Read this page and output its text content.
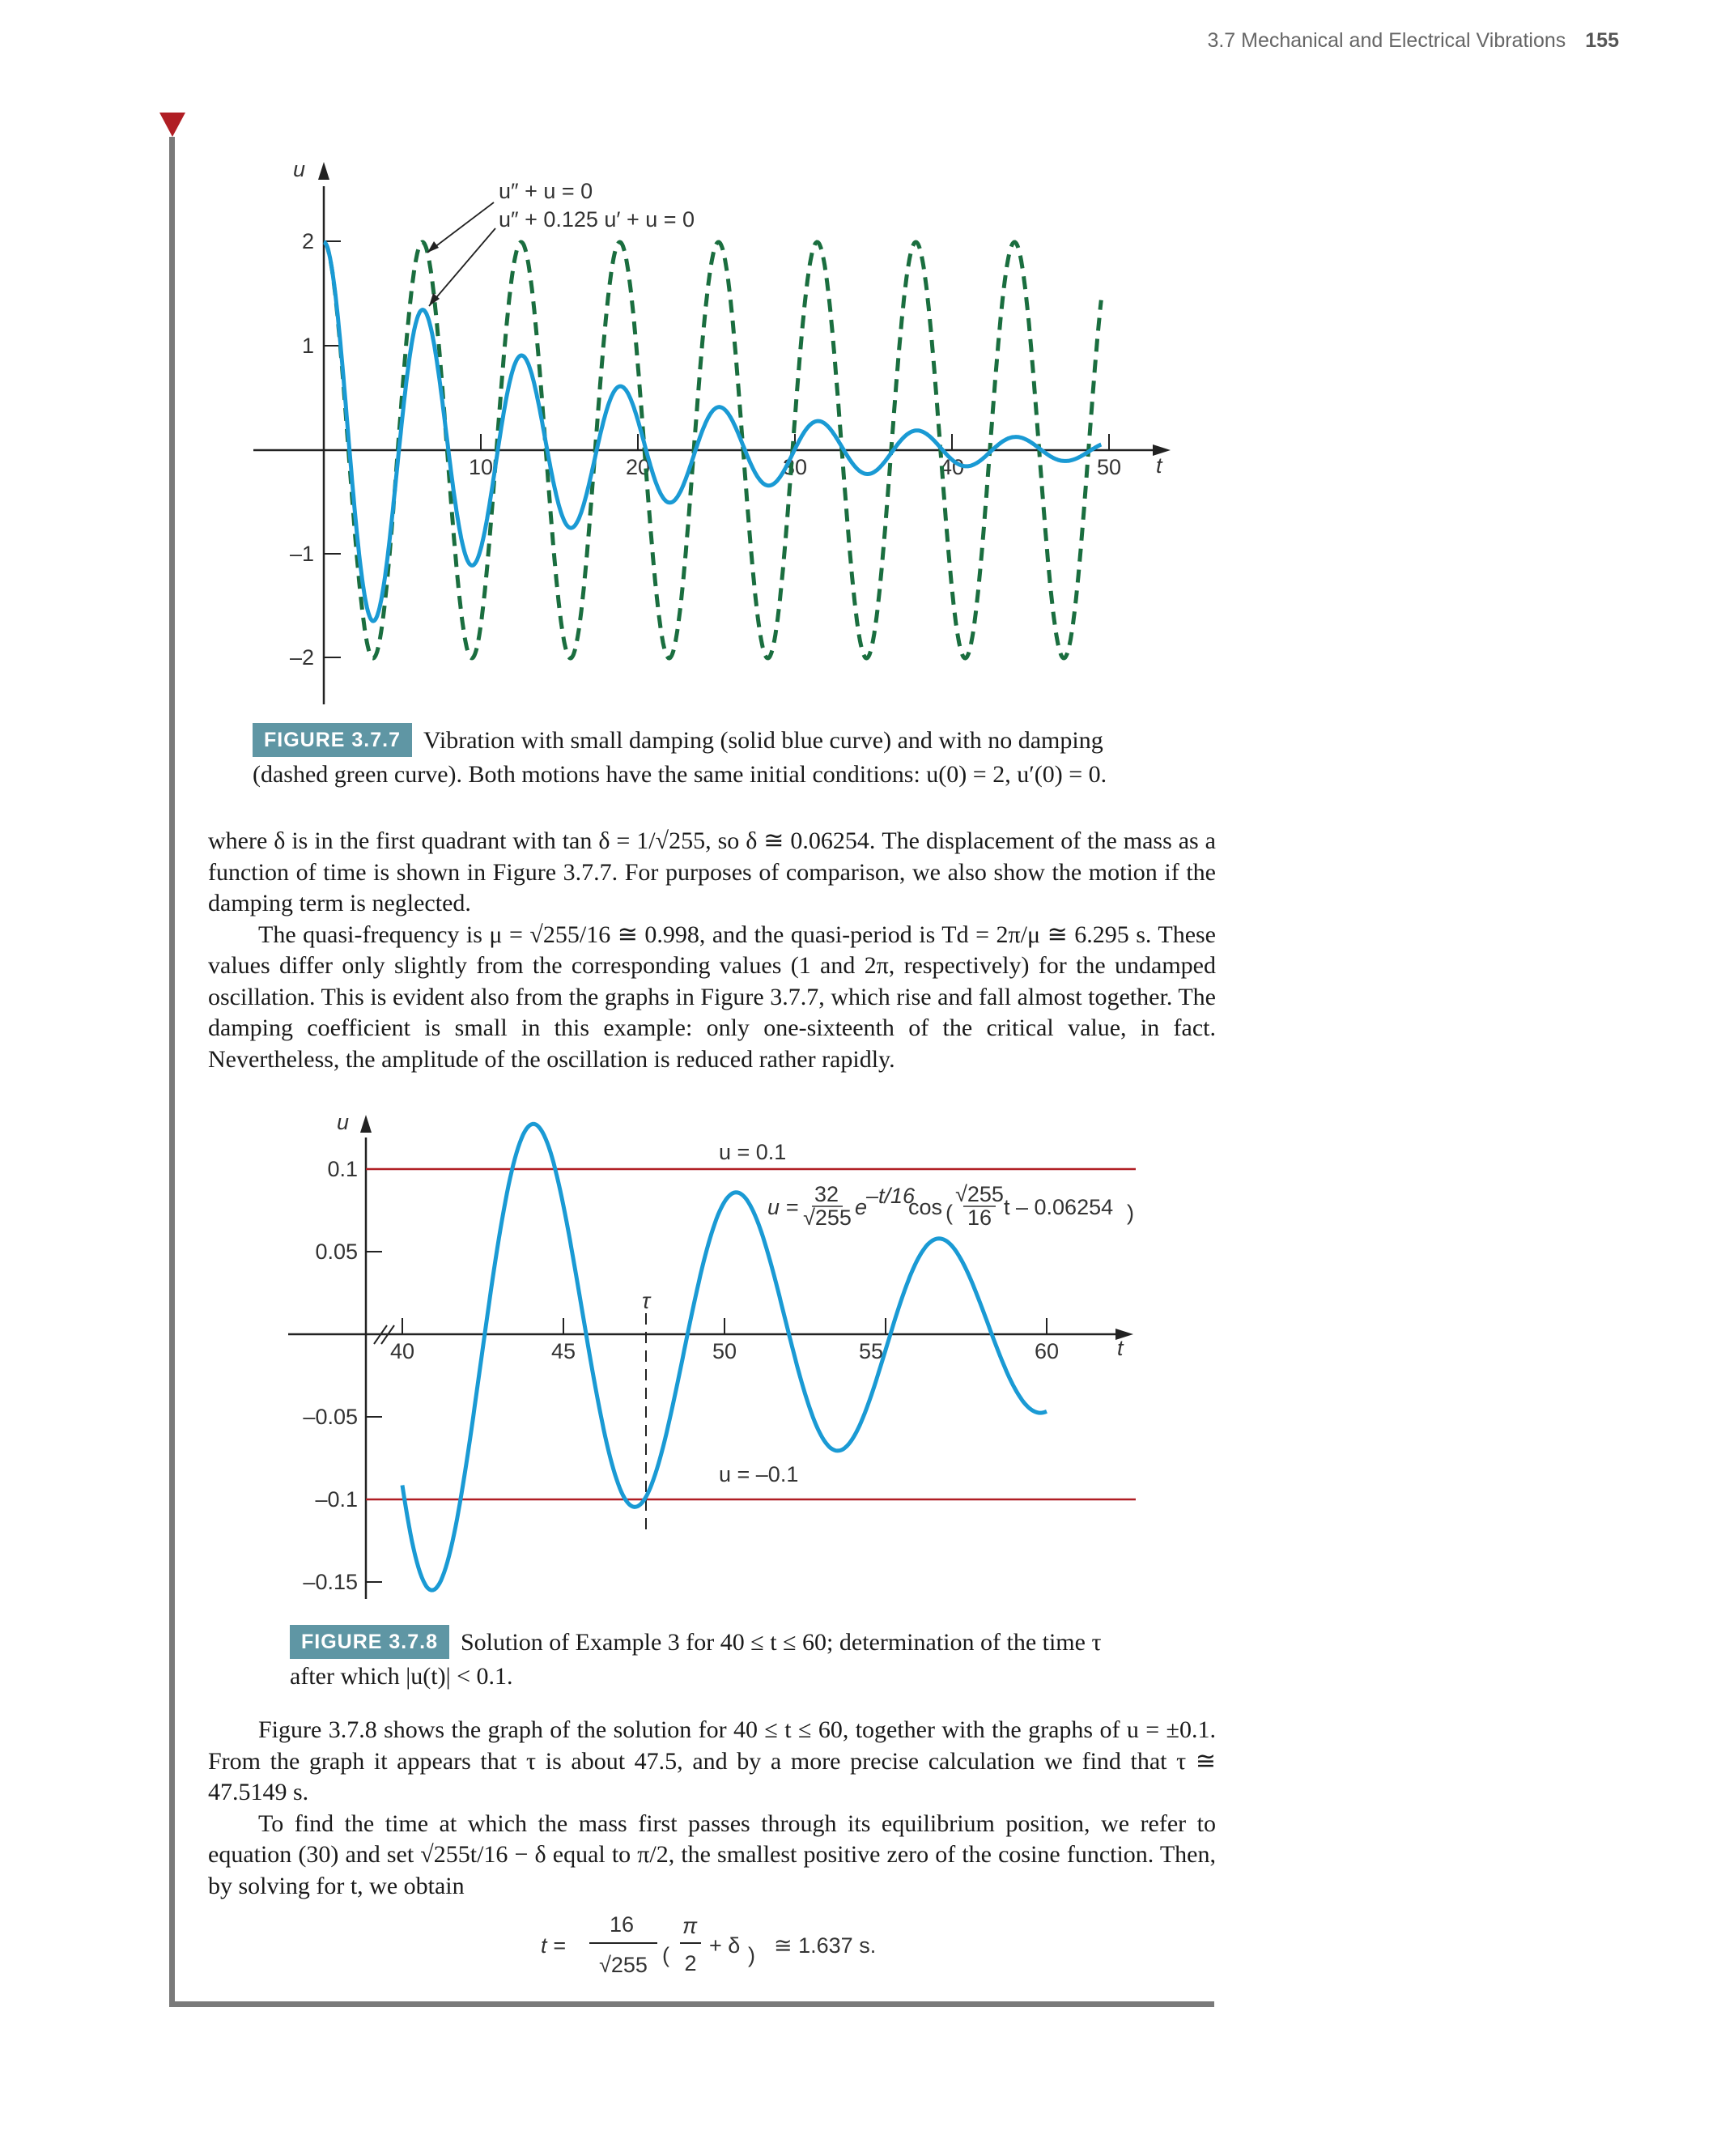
3.7 Mechanical and Electrical Vibrations 155
u
t
2
1
–1
–2
10	20	30	40	50
u″ + u = 0
u″ + 0.125 u′ + u = 0
FIGURE 3.7.7 Vibration with small damping (solid blue curve) and with no damping (dashed green curve). Both motions have the same initial conditions: u(0) = 2, u′(0) = 0.

where δ is in the first quadrant with tan δ = 1/√255, so δ ≅ 0.06254. The displacement of the mass as a function of time is shown in Figure 3.7.7. For purposes of comparison, we also show the motion if the damping term is neglected.

The quasi-frequency is μ = √255/16 ≅ 0.998, and the quasi-period is Td = 2π/μ ≅ 6.295 s. These values differ only slightly from the corresponding values (1 and 2π, respectively) for the undamped oscillation. This is evident also from the graphs in Figure 3.7.7, which rise and fall almost together. The damping coefficient is small in this example: only one-sixteenth of the critical value, in fact. Nevertheless, the amplitude of the oscillation is reduced rather rapidly.

u
t
0.1
0.05
–0.05
–0.1
–0.15
40	45	50	55	60
u = 0.1
u = –0.1
τ
u =
32
√255 e
–t/16
cos (
√255
16 t – 0.06254 )
FIGURE 3.7.8 Solution of Example 3 for 40 ≤ t ≤ 60; determination of the time τ after which |u(t)| < 0.1.

Figure 3.7.8 shows the graph of the solution for 40 ≤ t ≤ 60, together with the graphs of u = ±0.1. From the graph it appears that τ is about 47.5, and by a more precise calculation we find that τ ≅ 47.5149 s.

To find the time at which the mass first passes through its equilibrium position, we refer to equation (30) and set √255t/16 − δ equal to π/2, the smallest positive zero of the cosine function. Then, by solving for t, we obtain

t =
16
√255 (
π
2
+ δ ) ≅ 1.637 s.
